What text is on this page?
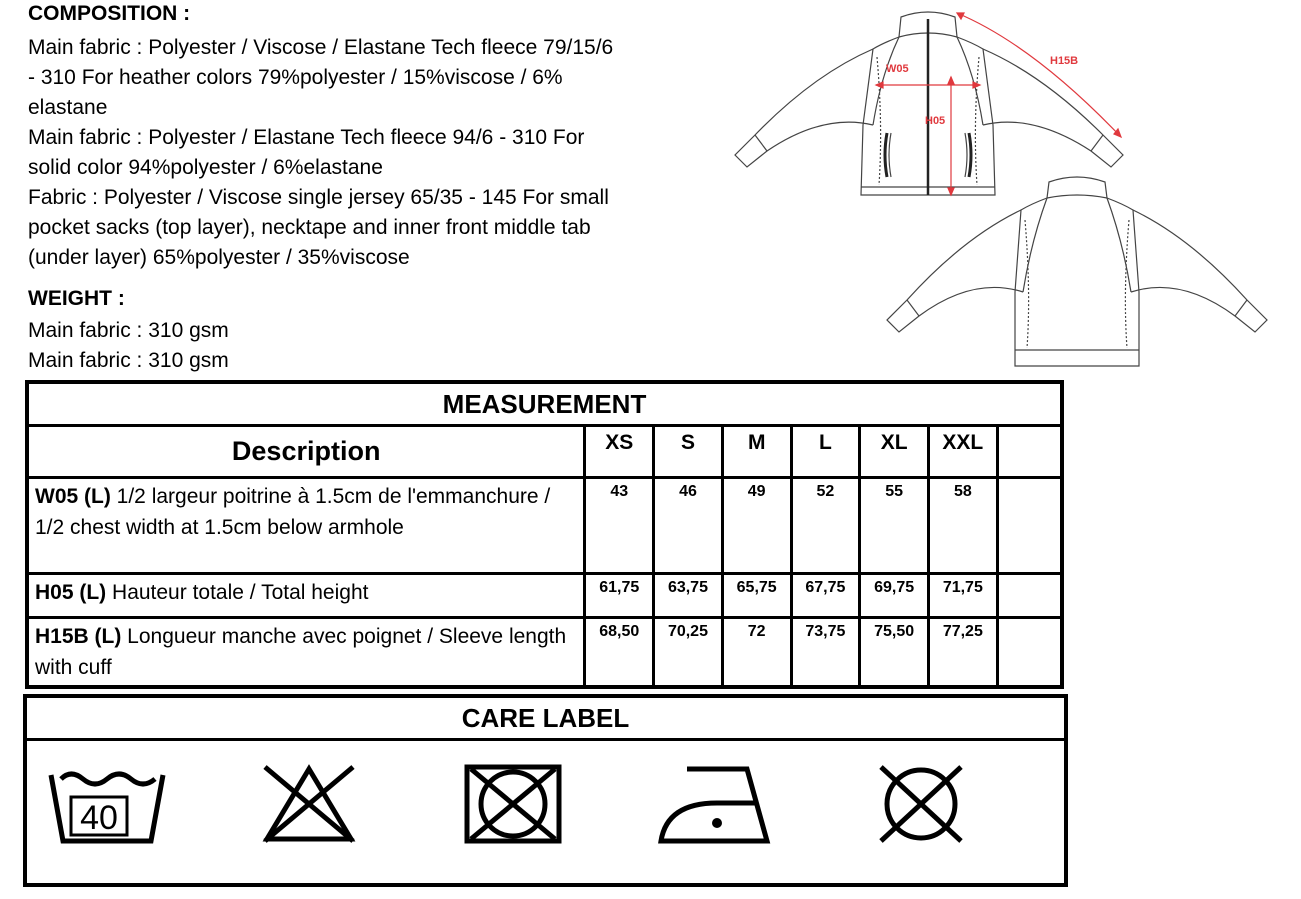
COMPOSITION :

Main fabric : Polyester / Viscose / Elastane Tech fleece 79/15/6

- 310 For heather colors 79%polyester / 15%viscose / 6%

elastane

Main fabric : Polyester / Elastane Tech fleece 94/6 - 310 For

solid color 94%polyester / 6%elastane

Fabric : Polyester / Viscose single jersey 65/35 - 145 For small

pocket sacks (top layer), necktape and inner front middle tab

(under layer) 65%polyester / 35%viscose

WEIGHT :

Main fabric : 310 gsm

Main fabric : 310 gsm

W05
H05
H15B
MEASUREMENT							
Description	XS	S	M	L	XL	XXL	
W05 (L) 1/2 largeur poitrine à 1.5cm de l'emmanchure / 1/2 chest width at 1.5cm below armhole	43	46	49	52	55	58	
H05 (L) Hauteur totale / Total height	61,75	63,75	65,75	67,75	69,75	71,75	
H15B (L) Longueur manche avec poignet / Sleeve length with cuff	68,50	70,25	72	73,75	75,50	77,25	
CARE LABEL
40
